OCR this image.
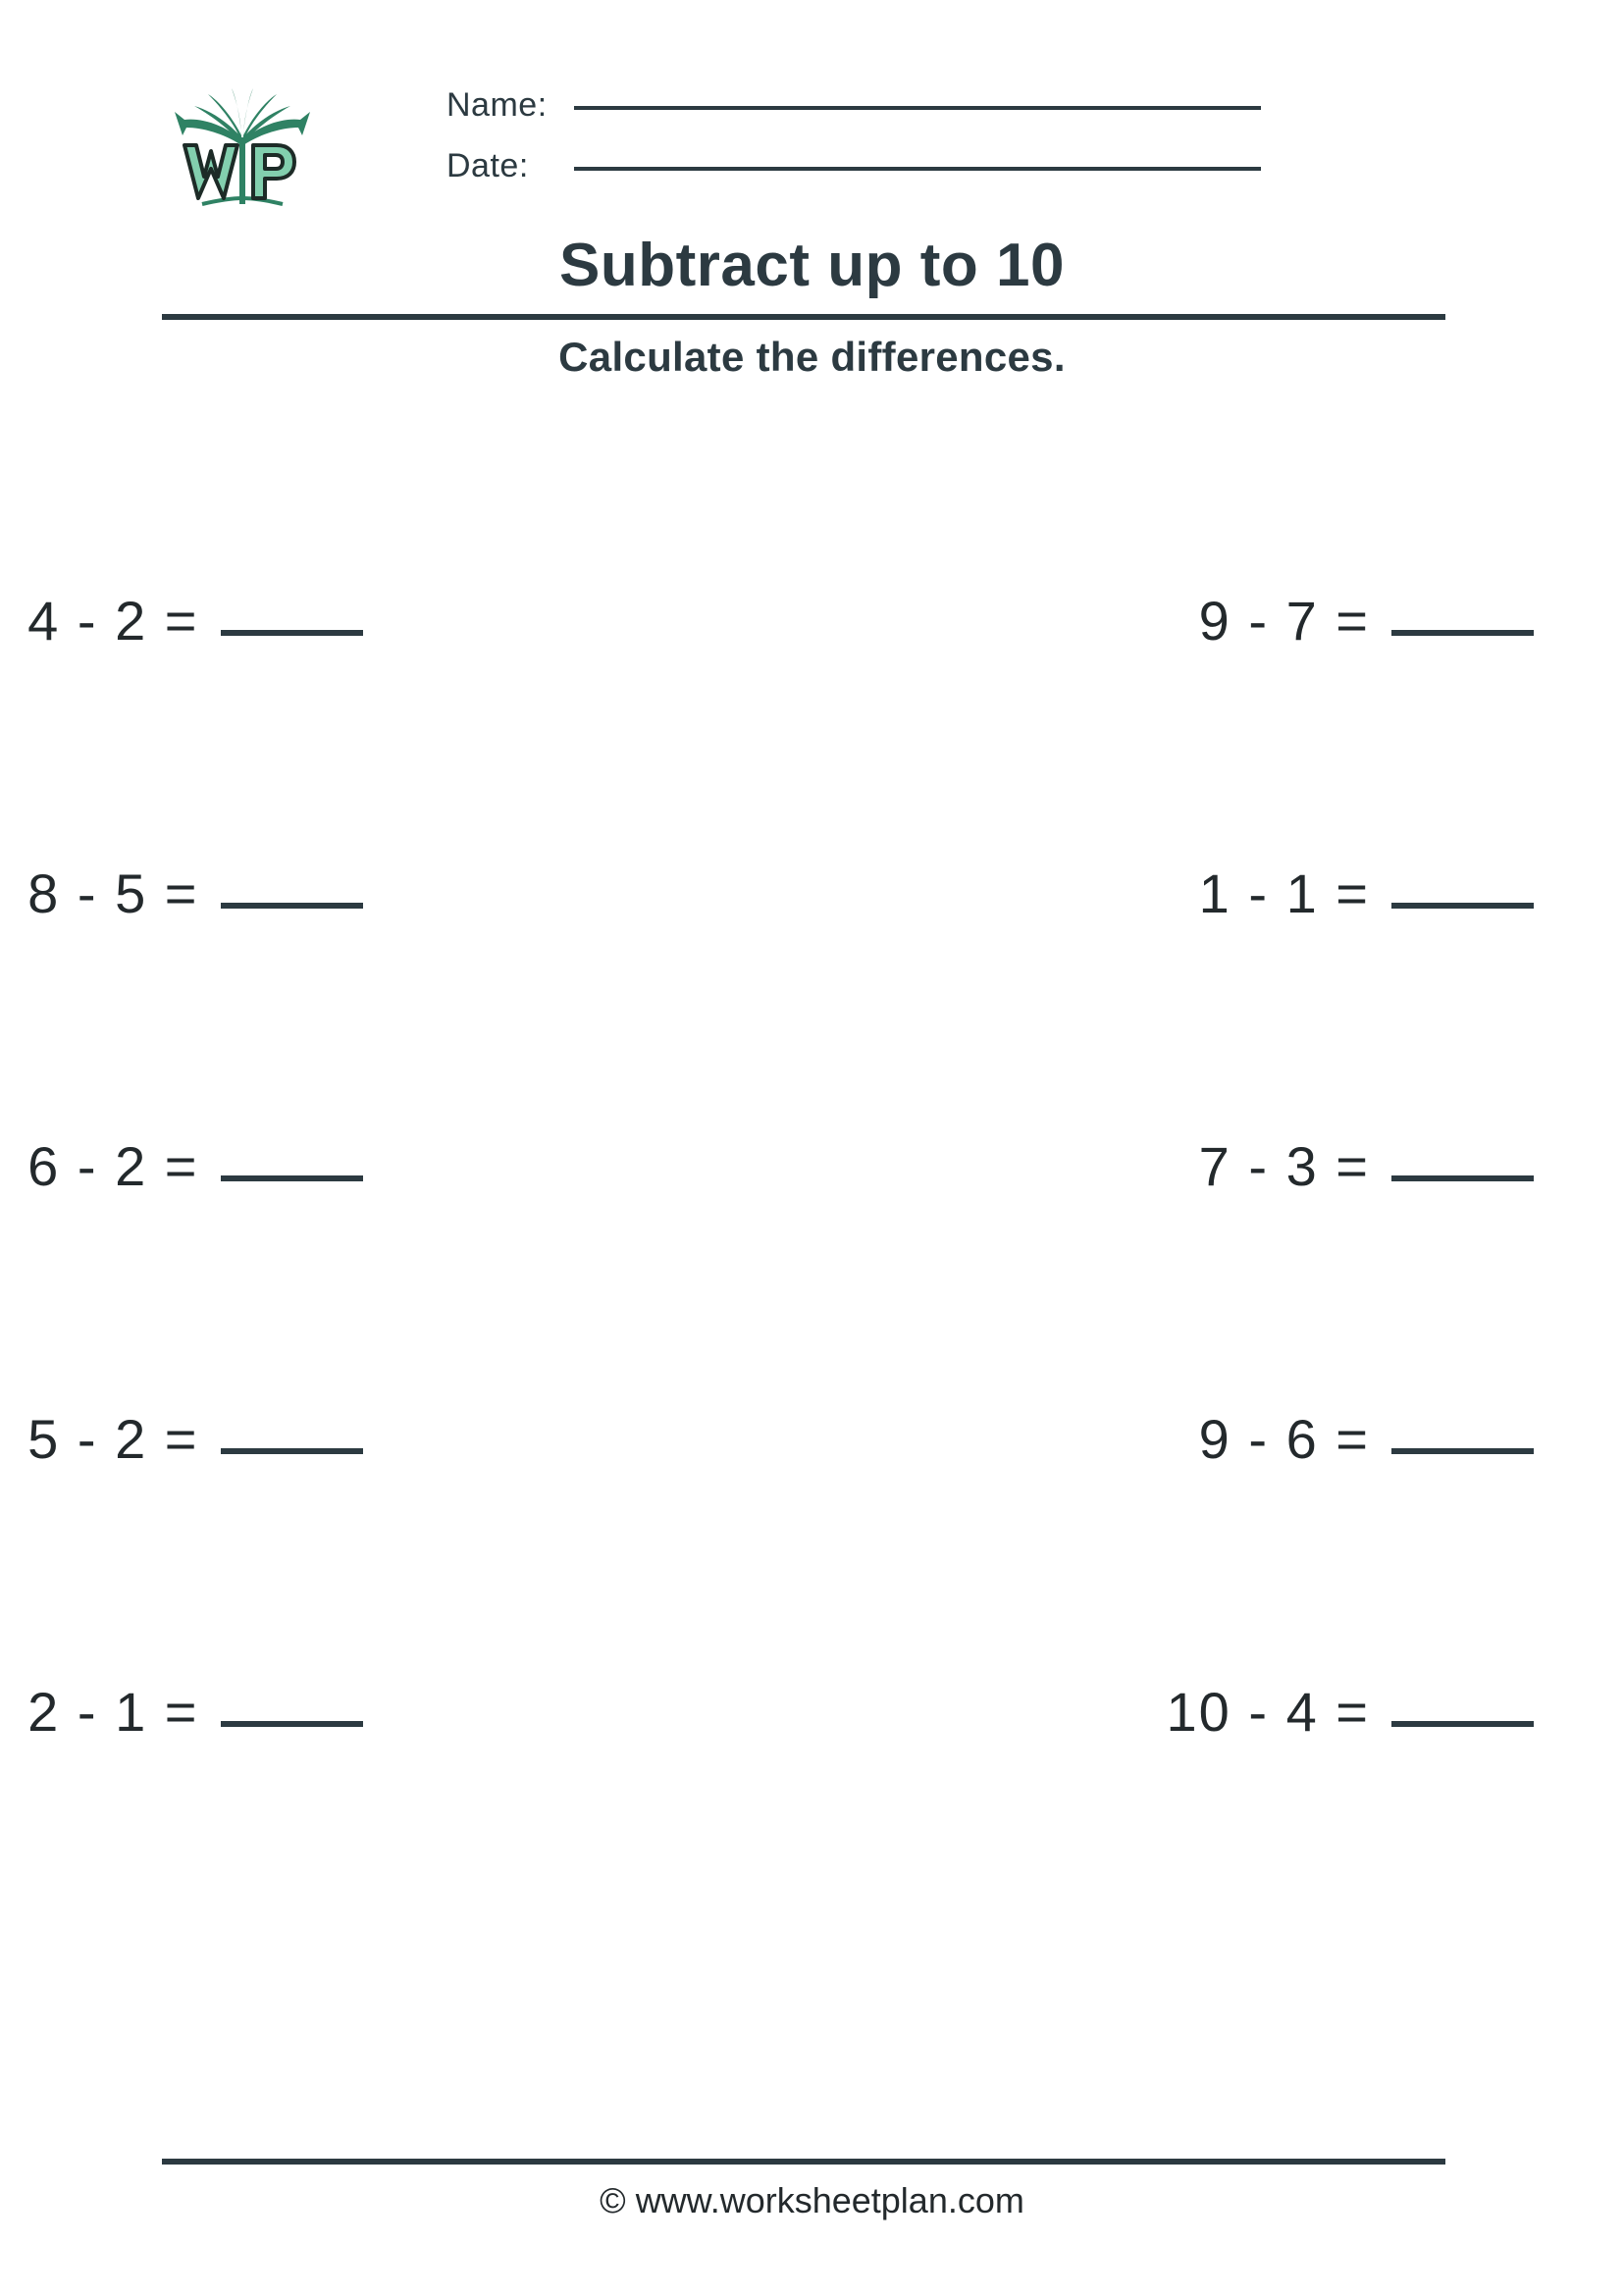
Name:
Date:
Subtract up to 10
Calculate the differences.
4 - 2 =	9 - 7 =
8 - 5 =	1 - 1 =
6 - 2 =	7 - 3 =
5 - 2 =	9 - 6 =
2 - 1 =	10 - 4 =
© www.worksheetplan.com
